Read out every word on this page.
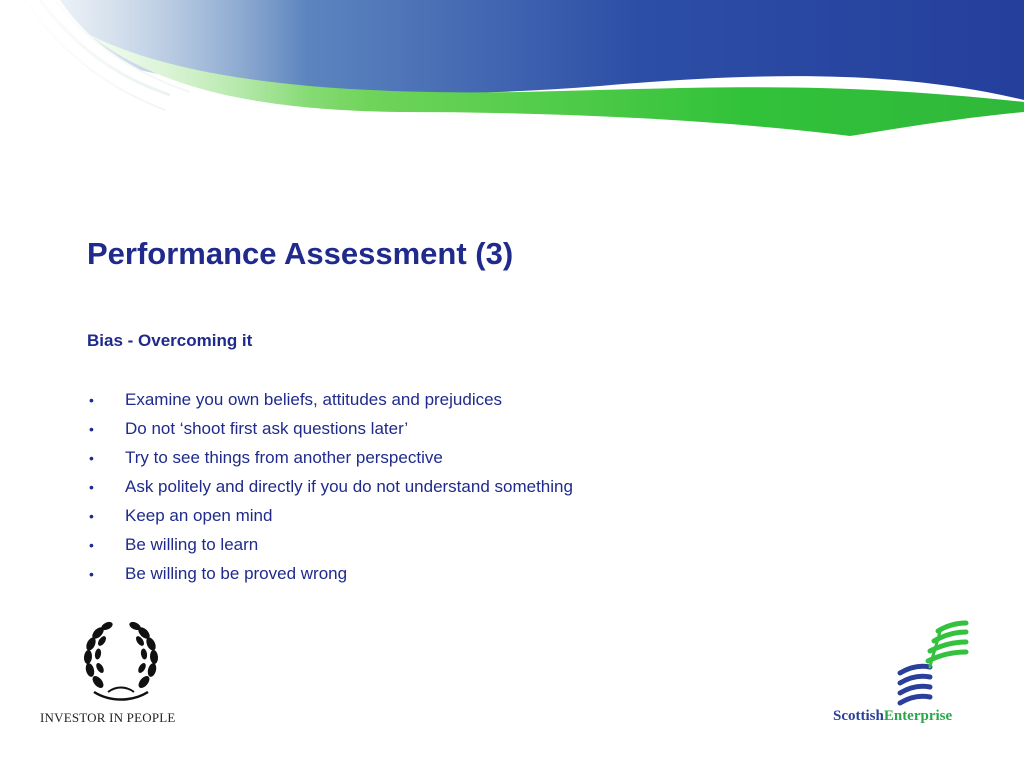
Performance Assessment (3)
Bias - Overcoming it
• Examine you own beliefs, attitudes and prejudices
• Do not ‘shoot first ask questions later’
• Try to see things from another perspective
• Ask politely and directly if you do not understand something
• Keep an open mind
• Be willing to learn
• Be willing to be proved wrong
INVESTOR IN PEOPLE	ScottishEnterprise
